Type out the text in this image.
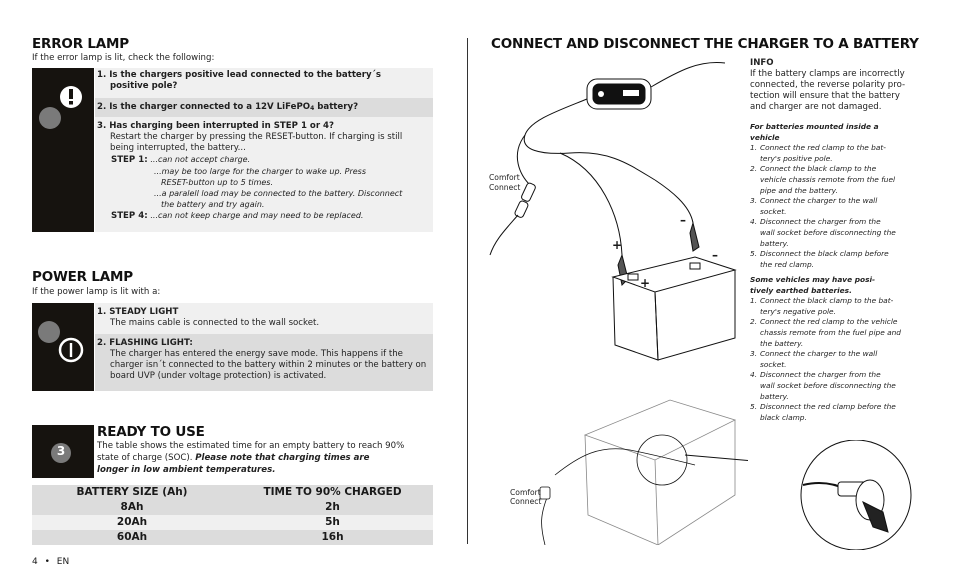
ERROR LAMP
If the error lamp is lit, check the following:
1. Is the chargers positive lead connected to the battery´s
positive pole?
2. Is the charger connected to a 12V LiFePO4 battery?
3. Has charging been interrupted in STEP 1 or 4?
Restart the charger by pressing the RESET-button. If charging is still
being interrupted, the battery...
STEP 1: ...can not accept charge.
...may be too large for the charger to wake up. Press
RESET-button up to 5 times.
...a paralell load may be connected to the battery. Disconnect
the battery and try again.
STEP 4: ...can not keep charge and may need to be replaced.
POWER LAMP
If the power lamp is lit with a:
1. STEADY LIGHT
The mains cable is connected to the wall socket.
2. FLASHING LIGHT:
The charger has entered the energy save mode. This happens if the
charger isn´t connected to the battery within 2 minutes or the battery on
board UVP (under voltage protection) is activated.
3
READY TO USE
The table shows the estimated time for an empty battery to reach 90%
state of charge (SOC). Please note that charging times are
longer in low ambient temperatures.
BATTERY SIZE (Ah)	TIME TO 90% CHARGED
8Ah	2h
20Ah	5h
60Ah	16h
4 • EN
CONNECT AND DISCONNECT THE CHARGER TO A BATTERY
Comfort
Connect
Comfort
Connect
+
+
–
–
INFO
If the battery clamps are incorrectly
connected, the reverse polarity pro-
tection will ensure that the battery
and charger are not damaged.
For batteries mounted inside a
vehicle
1. Connect the red clamp to the bat-
tery's positive pole.
2. Connect the black clamp to the
vehicle chassis remote from the fuel
pipe and the battery.
3. Connect the charger to the wall
socket.
4. Disconnect the charger from the
wall socket before disconnecting the
battery.
5. Disconnect the black clamp before
the red clamp.
Some vehicles may have posi-
tively earthed batteries.
1. Connect the black clamp to the bat-
tery's negative pole.
2. Connect the red clamp to the vehicle
chassis remote from the fuel pipe and
the battery.
3. Connect the charger to the wall
socket.
4. Disconnect the charger from the
wall socket before disconnecting the
battery.
5. Disconnect the red clamp before the
black clamp.
